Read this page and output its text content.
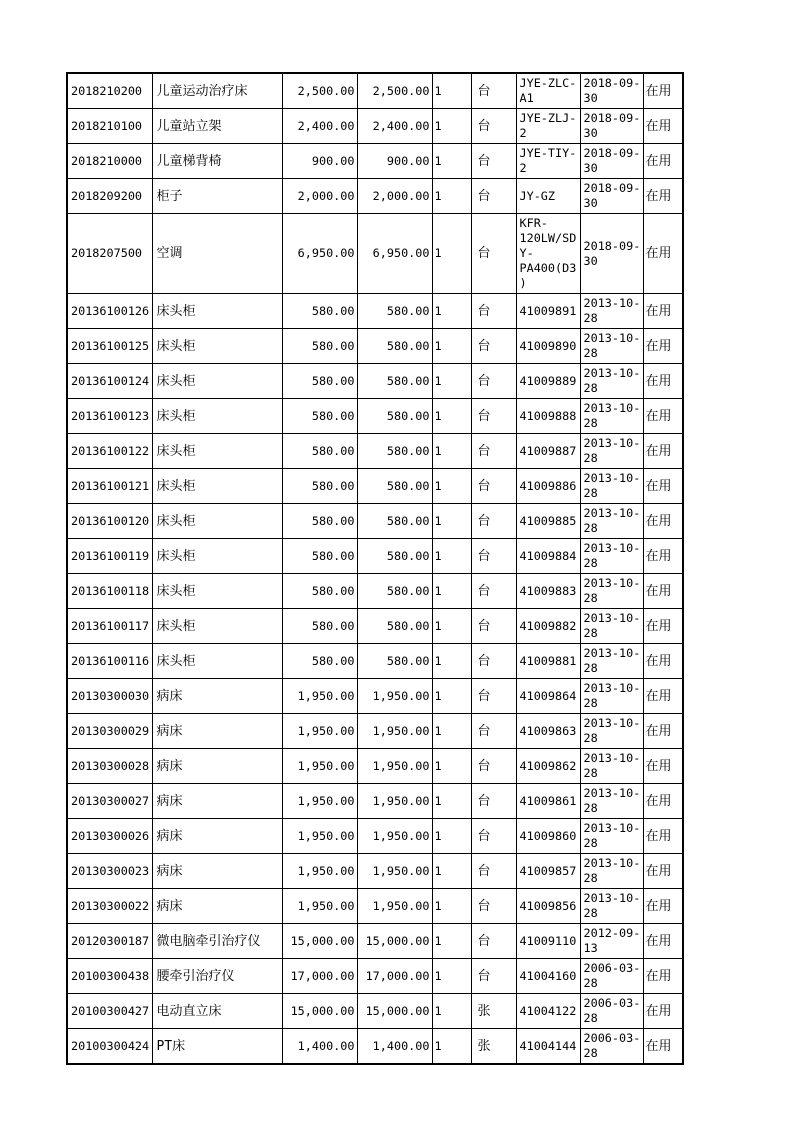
2018210200	儿童运动治疗床	2,500.00	2,500.00	1	台	JYE-ZLC-A1	2018-09-30	在用
2018210100	儿童站立架	2,400.00	2,400.00	1	台	JYE-ZLJ-2	2018-09-30	在用
2018210000	儿童梯背椅	900.00	900.00	1	台	JYE-TIY-2	2018-09-30	在用
2018209200	柜子	2,000.00	2,000.00	1	台	JY-GZ	2018-09-30	在用
2018207500	空调	6,950.00	6,950.00	1	台	KFR-120LW/SDY-PA400(D3)	2018-09-30	在用
20136100126	床头柜	580.00	580.00	1	台	41009891	2013-10-28	在用
20136100125	床头柜	580.00	580.00	1	台	41009890	2013-10-28	在用
20136100124	床头柜	580.00	580.00	1	台	41009889	2013-10-28	在用
20136100123	床头柜	580.00	580.00	1	台	41009888	2013-10-28	在用
20136100122	床头柜	580.00	580.00	1	台	41009887	2013-10-28	在用
20136100121	床头柜	580.00	580.00	1	台	41009886	2013-10-28	在用
20136100120	床头柜	580.00	580.00	1	台	41009885	2013-10-28	在用
20136100119	床头柜	580.00	580.00	1	台	41009884	2013-10-28	在用
20136100118	床头柜	580.00	580.00	1	台	41009883	2013-10-28	在用
20136100117	床头柜	580.00	580.00	1	台	41009882	2013-10-28	在用
20136100116	床头柜	580.00	580.00	1	台	41009881	2013-10-28	在用
20130300030	病床	1,950.00	1,950.00	1	台	41009864	2013-10-28	在用
20130300029	病床	1,950.00	1,950.00	1	台	41009863	2013-10-28	在用
20130300028	病床	1,950.00	1,950.00	1	台	41009862	2013-10-28	在用
20130300027	病床	1,950.00	1,950.00	1	台	41009861	2013-10-28	在用
20130300026	病床	1,950.00	1,950.00	1	台	41009860	2013-10-28	在用
20130300023	病床	1,950.00	1,950.00	1	台	41009857	2013-10-28	在用
20130300022	病床	1,950.00	1,950.00	1	台	41009856	2013-10-28	在用
20120300187	微电脑牵引治疗仪	15,000.00	15,000.00	1	台	41009110	2012-09-13	在用
20100300438	腰牵引治疗仪	17,000.00	17,000.00	1	台	41004160	2006-03-28	在用
20100300427	电动直立床	15,000.00	15,000.00	1	张	41004122	2006-03-28	在用
20100300424	PT床	1,400.00	1,400.00	1	张	41004144	2006-03-28	在用
